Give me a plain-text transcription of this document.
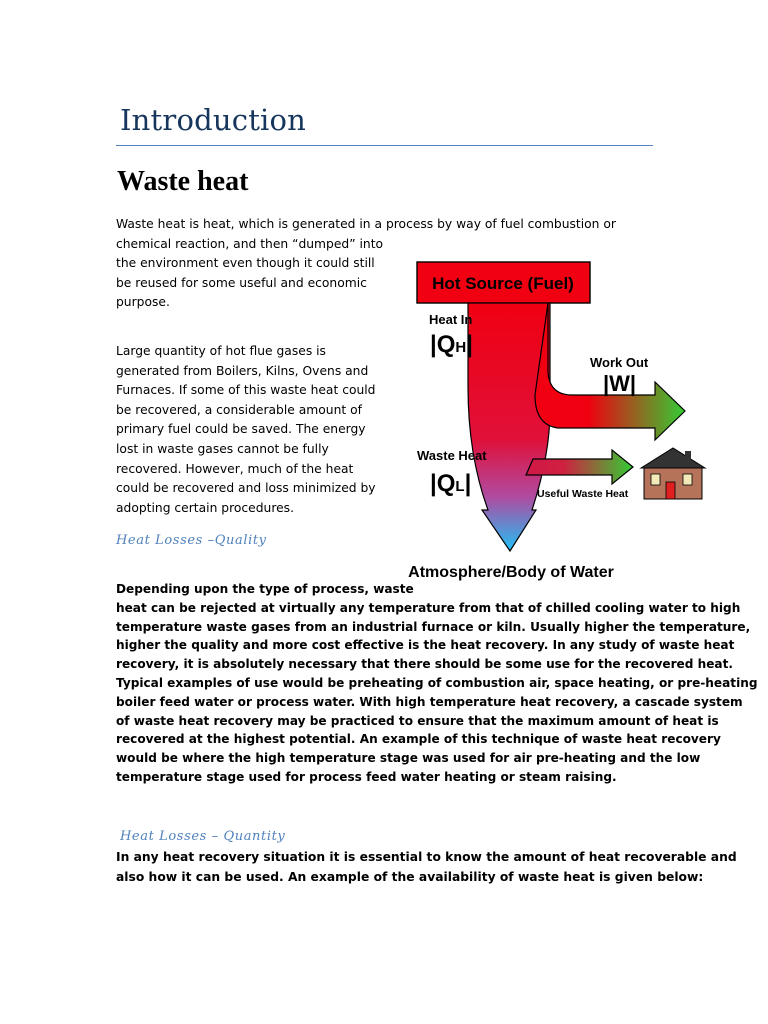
Introduction
Waste heat

Waste heat is heat, which is generated in a process by way of fuel combustion or
chemical reaction, and then “dumped” into

the environment even though it could still
be reused for some useful and economic
purpose.

Large quantity of hot flue gases is
generated from Boilers, Kilns, Ovens and
Furnaces. If some of this waste heat could
be recovered, a considerable amount of
primary fuel could be saved. The energy
lost in waste gases cannot be fully
recovered. However, much of the heat
could be recovered and loss minimized by
adopting certain procedures.

Heat Losses –Quality

Depending upon the type of process, waste
heat can be rejected at virtually any temperature from that of chilled cooling water to high
temperature waste gases from an industrial furnace or kiln. Usually higher the temperature,
higher the quality and more cost effective is the heat recovery. In any study of waste heat
recovery, it is absolutely necessary that there should be some use for the recovered heat.
Typical examples of use would be preheating of combustion air, space heating, or pre-heating
boiler feed water or process water. With high temperature heat recovery, a cascade system
of waste heat recovery may be practiced to ensure that the maximum amount of heat is
recovered at the highest potential. An example of this technique of waste heat recovery
would be where the high temperature stage was used for air pre-heating and the low
temperature stage used for process feed water heating or steam raising.

Heat Losses – Quantity

In any heat recovery situation it is essential to know the amount of heat recoverable and
also how it can be used. An example of the availability of waste heat is given below:

Hot Source (Fuel)
Heat In
|QH|
Work Out
|W|
Waste Heat
|QL|	Useful Waste Heat
Atmosphere/Body of Water
